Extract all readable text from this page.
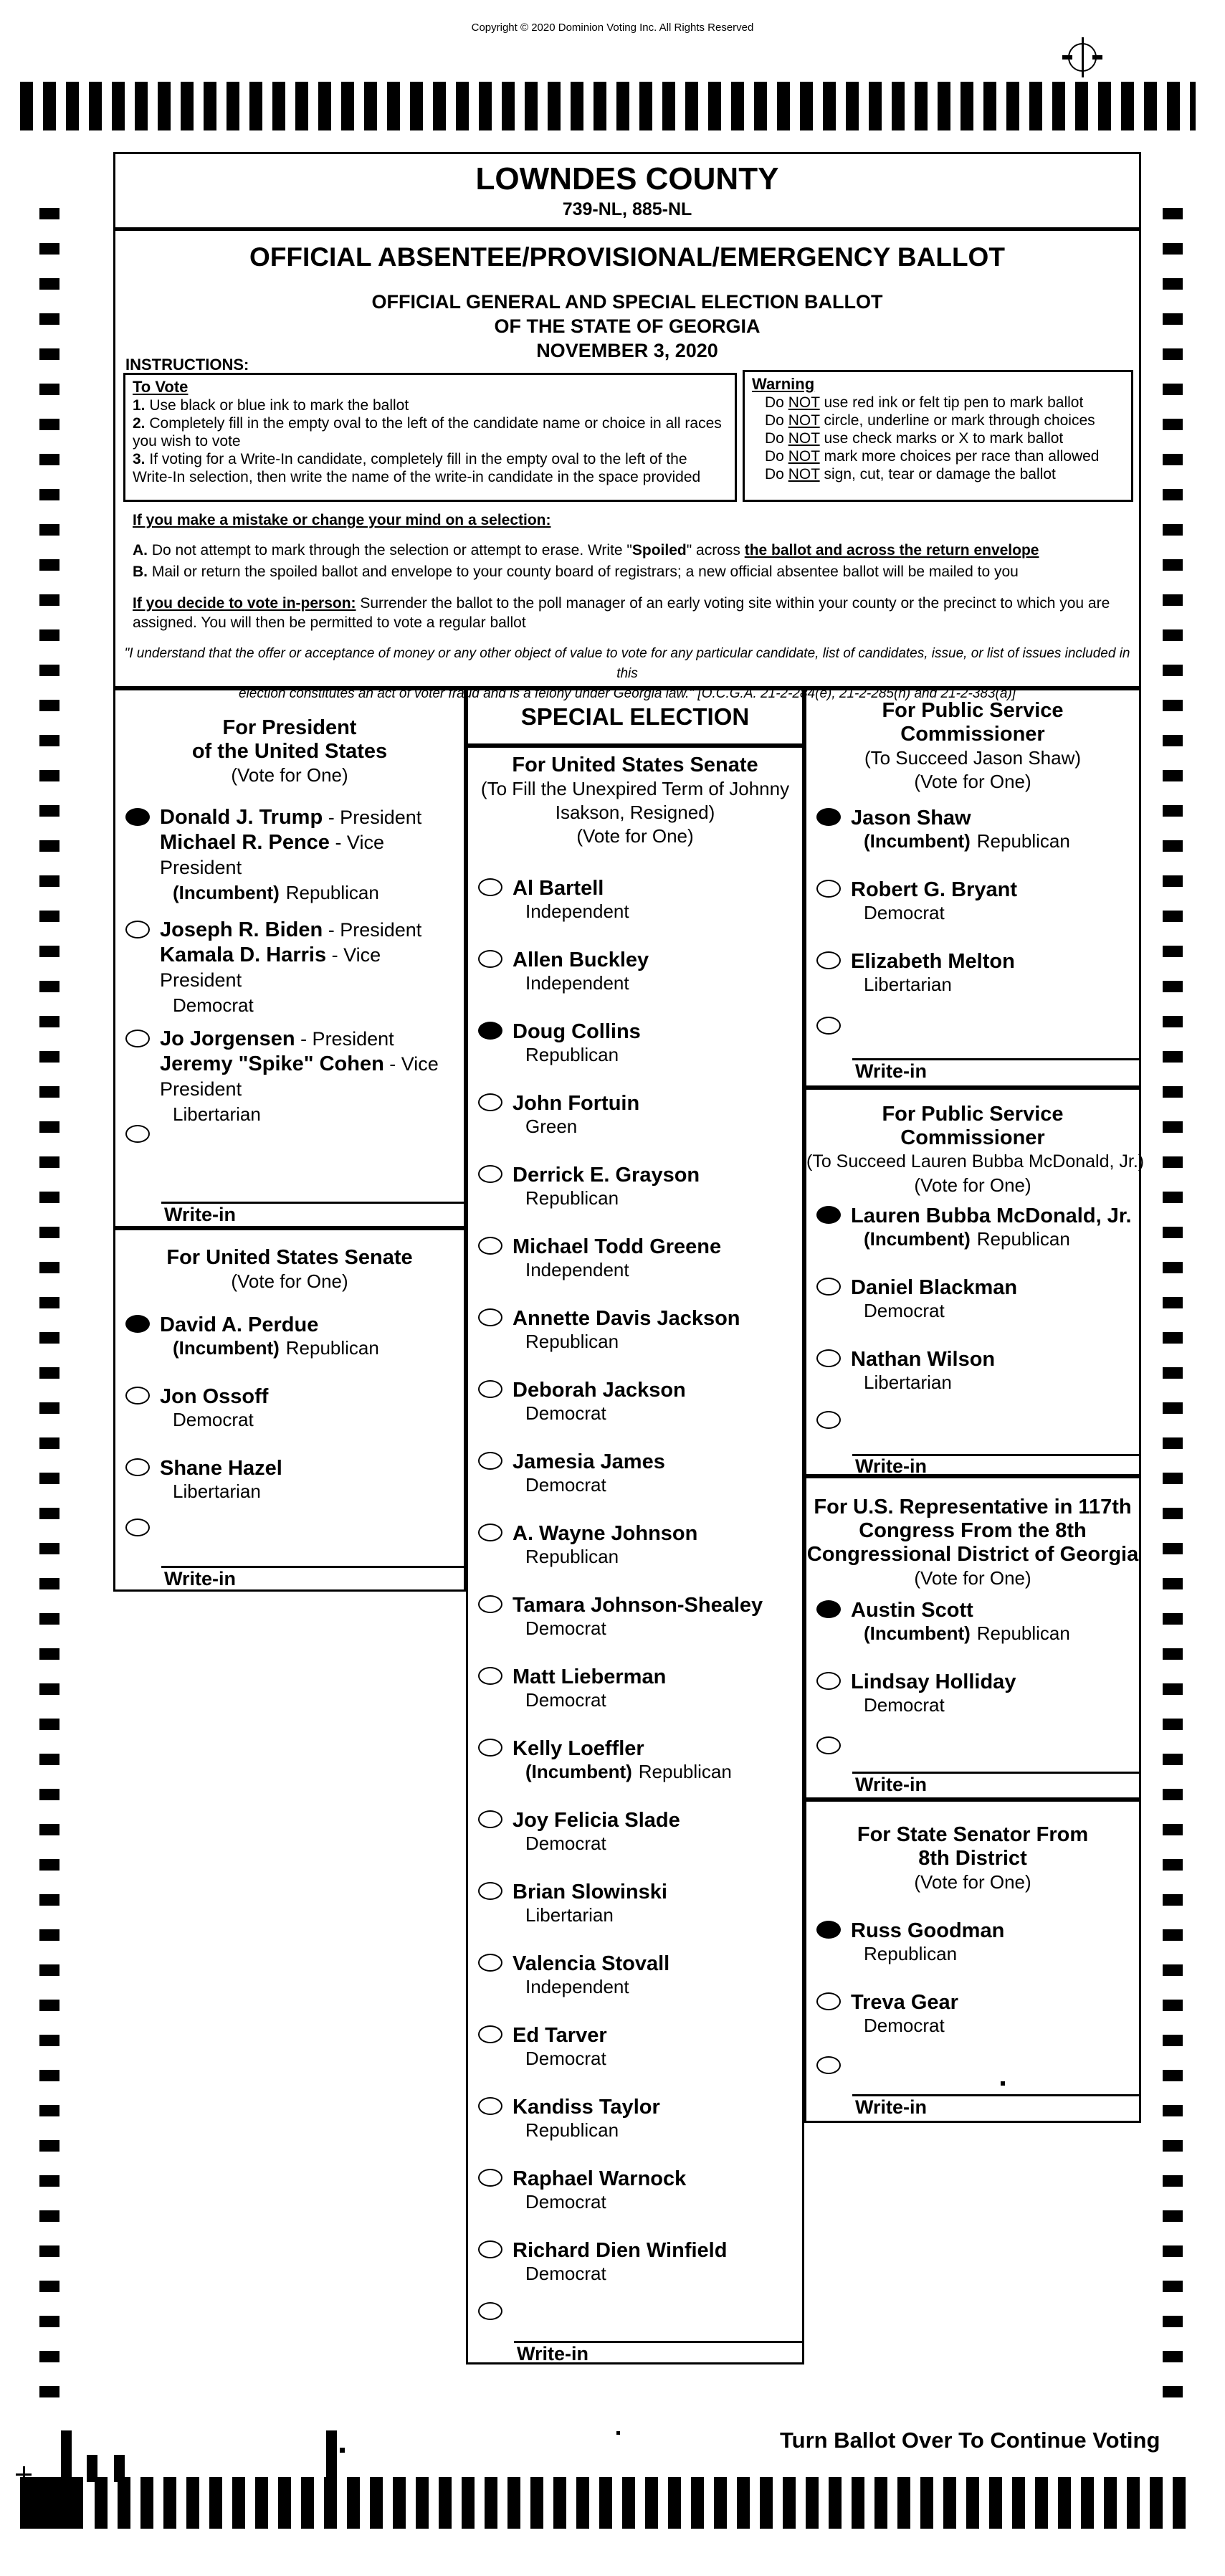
Copyright © 2020 Dominion Voting Inc. All Rights Reserved
LOWNDES COUNTY
739-NL, 885-NL
OFFICIAL ABSENTEE/PROVISIONAL/EMERGENCY BALLOT
OFFICIAL GENERAL AND SPECIAL ELECTION BALLOT
OF THE STATE OF GEORGIA
NOVEMBER 3, 2020
INSTRUCTIONS:
To Vote
1. Use black or blue ink to mark the ballot
2. Completely fill in the empty oval to the left of the candidate name or choice in all races you wish to vote
3. If voting for a Write-In candidate, completely fill in the empty oval to the left of the Write-In selection, then write the name of the write-in candidate in the space provided
Warning
Do NOT use red ink or felt tip pen to mark ballot
Do NOT circle, underline or mark through choices
Do NOT use check marks or X to mark ballot
Do NOT mark more choices per race than allowed
Do NOT sign, cut, tear or damage the ballot
If you make a mistake or change your mind on a selection:
A. Do not attempt to mark through the selection or attempt to erase. Write "Spoiled" across the ballot and across the return envelope
B. Mail or return the spoiled ballot and envelope to your county board of registrars; a new official absentee ballot will be mailed to you
If you decide to vote in-person: Surrender the ballot to the poll manager of an early voting site within your county or the precinct to which you are assigned. You will then be permitted to vote a regular ballot
"I understand that the offer or acceptance of money or any other object of value to vote for any particular candidate, list of candidates, issue, or list of issues included in this
election constitutes an act of voter fraud and is a felony under Georgia law." [O.C.G.A. 21-2-284(e), 21-2-285(h) and 21-2-383(a)]
For President
of the United States
(Vote for One)
Donald J. Trump - President
Michael R. Pence - Vice President
(Incumbent) Republican
Joseph R. Biden - President
Kamala D. Harris - Vice President
Democrat
Jo Jorgensen - President
Jeremy "Spike" Cohen - Vice President
Libertarian
Write-in
For United States Senate
(Vote for One)
David A. Perdue
(Incumbent) Republican
Jon Ossoff
Democrat
Shane Hazel
Libertarian
Write-in
SPECIAL ELECTION
For United States Senate
(To Fill the Unexpired Term of Johnny
Isakson, Resigned)
(Vote for One)
Al Bartell
Independent
Allen Buckley
Independent
Doug Collins
Republican
John Fortuin
Green
Derrick E. Grayson
Republican
Michael Todd Greene
Independent
Annette Davis Jackson
Republican
Deborah Jackson
Democrat
Jamesia James
Democrat
A. Wayne Johnson
Republican
Tamara Johnson-Shealey
Democrat
Matt Lieberman
Democrat
Kelly Loeffler
(Incumbent) Republican
Joy Felicia Slade
Democrat
Brian Slowinski
Libertarian
Valencia Stovall
Independent
Ed Tarver
Democrat
Kandiss Taylor
Republican
Raphael Warnock
Democrat
Richard Dien Winfield
Democrat
Write-in
For Public Service
Commissioner
(To Succeed Jason Shaw)
(Vote for One)
Jason Shaw
(Incumbent) Republican
Robert G. Bryant
Democrat
Elizabeth Melton
Libertarian
Write-in
For Public Service
Commissioner
(To Succeed Lauren Bubba McDonald, Jr.)
(Vote for One)
Lauren Bubba McDonald, Jr.
(Incumbent) Republican
Daniel Blackman
Democrat
Nathan Wilson
Libertarian
Write-in
For U.S. Representative in 117th
Congress From the 8th
Congressional District of Georgia
(Vote for One)
Austin Scott
(Incumbent) Republican
Lindsay Holliday
Democrat
Write-in
For State Senator From
8th District
(Vote for One)
Russ Goodman
Republican
Treva Gear
Democrat
Write-in
Turn Ballot Over To Continue Voting
